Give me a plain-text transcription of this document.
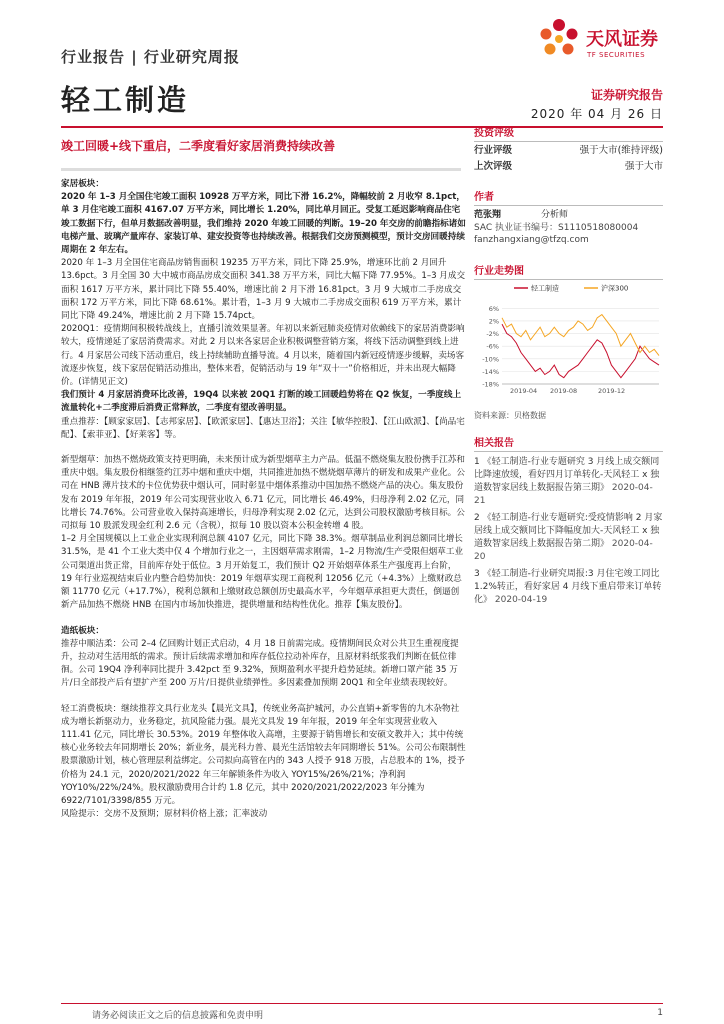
行业报告 | 行业研究周报
轻工制造
天风证券
TF SECURITIES
证券研究报告
2020 年 04 月 26 日
竣工回暖+线下重启，二季度看好家居消费持续改善

家居板块：

2020 年 1–3 月全国住宅竣工面积 10928 万平方米，同比下滑 16.2%，降幅较前 2 月收窄 8.1pct，单 3 月住宅竣工面积 4167.07 万平方米，同比增长 1.20%，同比单月回正。受复工延迟影响商品住宅竣工数据下行，但单月数据改善明显，我们维持 2020 年竣工回暖的判断。19–20 年交房的前瞻指标诸如电梯产量、玻璃产量库存、家装订单、建安投资等也持续改善。根据我们交房预测模型，预计交房回暖持续周期在 2 年左右。

2020 年 1–3 月全国住宅商品房销售面积 19235 万平方米，同比下降 25.9%，增速环比前 2 月回升 13.6pct。3 月全国 30 大中城市商品房成交面积 341.38 万平方米，同比大幅下降 77.95%。1–3 月成交面积 1617 万平方米，累计同比下降 55.40%，增速比前 2 月下滑 16.81pct。3 月 9 大城市二手房成交面积 172 万平方米，同比下降 68.61%。累计看，1–3 月 9 大城市二手房成交面积 619 万平方米，累计同比下降 49.24%，增速比前 2 月下降 15.74pct。

2020Q1：疫情期间积极转战线上，直播引流效果显著。年初以来新冠肺炎疫情对依赖线下的家居消费影响较大，疫情递延了家居消费需求。对此 2 月以来各家居企业积极调整营销方案，将线下活动调整到线上进行。4 月家居公司线下活动重启，线上持续辅助直播导流。4 月以来，随着国内新冠疫情逐步缓解，卖场客流逐步恢复，线下家居促销活动推出，整体来看，促销活动与 19 年“双十一”价格相近，并未出现大幅降价。(详情见正文)

我们预计 4 月家居消费环比改善，19Q4 以来被 20Q1 打断的竣工回暖趋势将在 Q2 恢复，一季度线上流量转化+二季度滞后消费正常释放，二季度有望改善明显。

重点推荐：【顾家家居】、【志邦家居】、【欧派家居】、【惠达卫浴】；关注【敏华控股】、【江山欧派】、【尚品宅配】、【索菲亚】、【好莱客】等。

新型烟草：加热不燃烧政策支持更明确，未来预计成为新型烟草主力产品。低温不燃烧集友股份携手江苏和重庆中烟。集友股份相继签约江苏中烟和重庆中烟，共同推进加热不燃烧烟草薄片的研发和成果产业化。公司在 HNB 薄片技术的卡位优势获中烟认可，同时彰显中烟体系推动中国加热不燃烧产品的决心。集友股份发布 2019 年年报，2019 年公司实现营业收入 6.71 亿元，同比增长 46.49%，归母净利 2.02 亿元，同比增长 74.76%。公司营业收入保持高速增长，归母净利实现 2.02 亿元，达到公司股权激励考核目标。公司拟每 10 股派发现金红利 2.6 元（含税），拟每 10 股以资本公积金转增 4 股。

1–2 月全国规模以上工业企业实现利润总额 4107 亿元，同比下降 38.3%。烟草制品业利润总额同比增长 31.5%，是 41 个工业大类中仅 4 个增加行业之一，主因烟草需求刚需，1–2 月物流/生产受限但烟草工业公司渠道出货正常，目前库存处于低位。3 月开始复工，我们预计 Q2 开始烟草体系生产强度再上台阶，19 年行业巡视结束后业内整合趋势加快：2019 年烟草实现工商税利 12056 亿元（+4.3%）上缴财政总额 11770 亿元（+17.7%），税利总额和上缴财政总额创历史最高水平，今年烟草承担更大责任，倒逼创新产品加热不燃烧 HNB 在国内市场加快推进，提供增量和结构性优化。推荐【集友股份】。

造纸板块：

推荐中顺洁柔：公司 2–4 亿回购计划正式启动，4 月 18 日前需完成。疫情期间民众对公共卫生重视度提升，拉动对生活用纸的需求。预计后续需求增加和库存低位拉动补库存，且原材料纸浆我们判断在低位徘徊。公司 19Q4 净利率同比提升 3.42pct 至 9.32%，预期盈利水平提升趋势延续。新增口罩产能 35 万片/日全部投产后有望扩产至 200 万片/日提供业绩弹性。多因素叠加预期 20Q1 和全年业绩表现较好。

轻工消费板块：继续推荐文具行业龙头【晨光文具】，传统业务高护城河，办公直销+新零售的九木杂物社成为增长新驱动力，业务稳定，抗风险能力强。晨光文具发 19 年年报，2019 年全年实现营业收入 111.41 亿元，同比增长 30.53%。2019 年整体收入高增，主要源于销售增长和安硕文教并入；其中传统核心业务较去年同期增长 20%；新业务，晨光科力普、晨光生活馆较去年同期增长 51%。公司公布限制性股票激励计划，核心管理层利益绑定。公司拟向高管在内的 343 人授予 918 万股，占总股本的 1%，授予价格为 24.1 元，2020/2021/2022 年三年解锁条件为收入 YOY15%/26%/21%；净利润 YOY10%/22%/24%。股权激励费用合计约 1.8 亿元，其中 2020/2021/2022/2023 年分摊为 6922/7101/3398/855 万元。

风险提示：交房不及预期；原材料价格上涨；汇率波动

投资评级
行业评级	强于大市(维持评级)
上次评级	强于大市
作者
范张翔	分析师
SAC 执业证书编号：S1110518080004
fanzhangxiang@tfzq.com
行业走势图
6%
2%
-2%
-6%
-10%
-14%
-18%
2019-04 2019-08	2019-12
轻工制造	沪深300
资料来源：贝格数据
相关报告

1 《轻工制造-行业专题研究 3 月线上成交额同比降速放缓，看好四月订单转化-天风轻工 x 独道数智家居线上数据报告第三期》 2020-04-21

2 《轻工制造-行业专题研究:受疫情影响 2 月家居线上成交额同比下降幅度加大-天风轻工 x 独道数智家居线上数据报告第二期》 2020-04-20

3 《轻工制造-行业研究周报:3 月住宅竣工同比 1.2%转正，看好家居 4 月线下重启带来订单转化》 2020-04-19

请务必阅读正文之后的信息披露和免责申明	1
